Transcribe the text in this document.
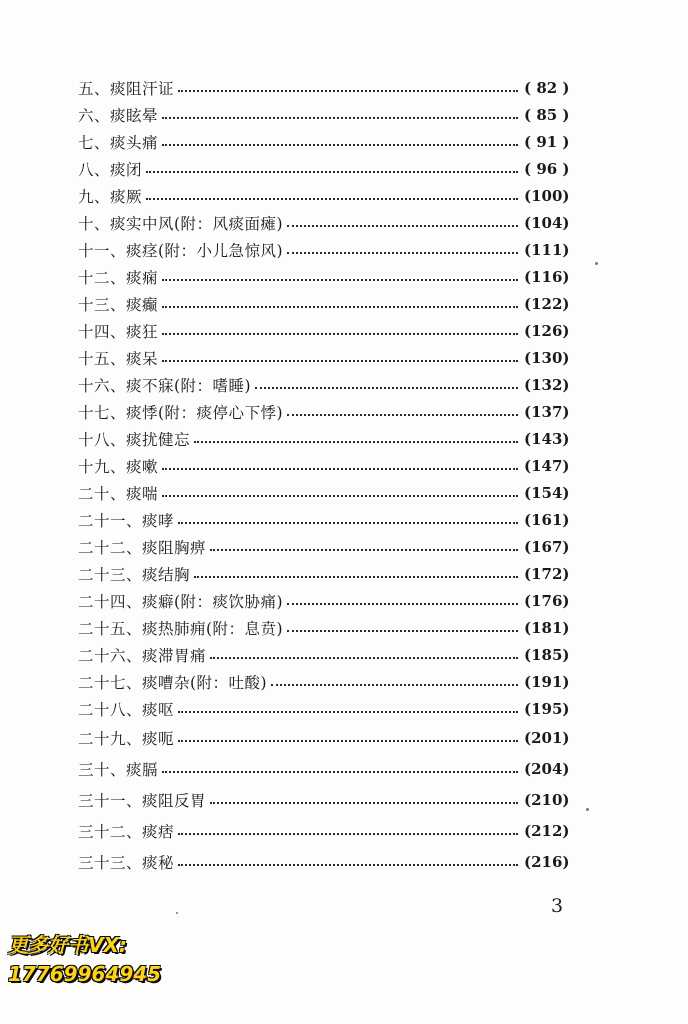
五、痰阻汗证	( 82 )
六、痰眩晕	( 85 )
七、痰头痛	( 91 )
八、痰闭	( 96 )
九、痰厥	(100)
十、痰实中风(附：风痰面瘫)	(104)
十一、痰痉(附：小儿急惊风)	(111)
十二、痰痫	(116)
十三、痰癫	(122)
十四、痰狂	(126)
十五、痰呆	(130)
十六、痰不寐(附：嗜睡)	(132)
十七、痰悸(附：痰停心下悸)	(137)
十八、痰扰健忘	(143)
十九、痰嗽	(147)
二十、痰喘	(154)
二十一、痰哮	(161)
二十二、痰阻胸痹	(167)
二十三、痰结胸	(172)
二十四、痰癖(附：痰饮胁痛)	(176)
二十五、痰热肺痈(附：息贲)	(181)
二十六、痰滞胃痛	(185)
二十七、痰嘈杂(附：吐酸)	(191)
二十八、痰呕	(195)
二十九、痰呃	(201)
三十、痰膈	(204)
三十一、痰阻反胃	(210)
三十二、痰痞	(212)
三十三、痰秘	(216)
3
更多好书VX:
17769964945
